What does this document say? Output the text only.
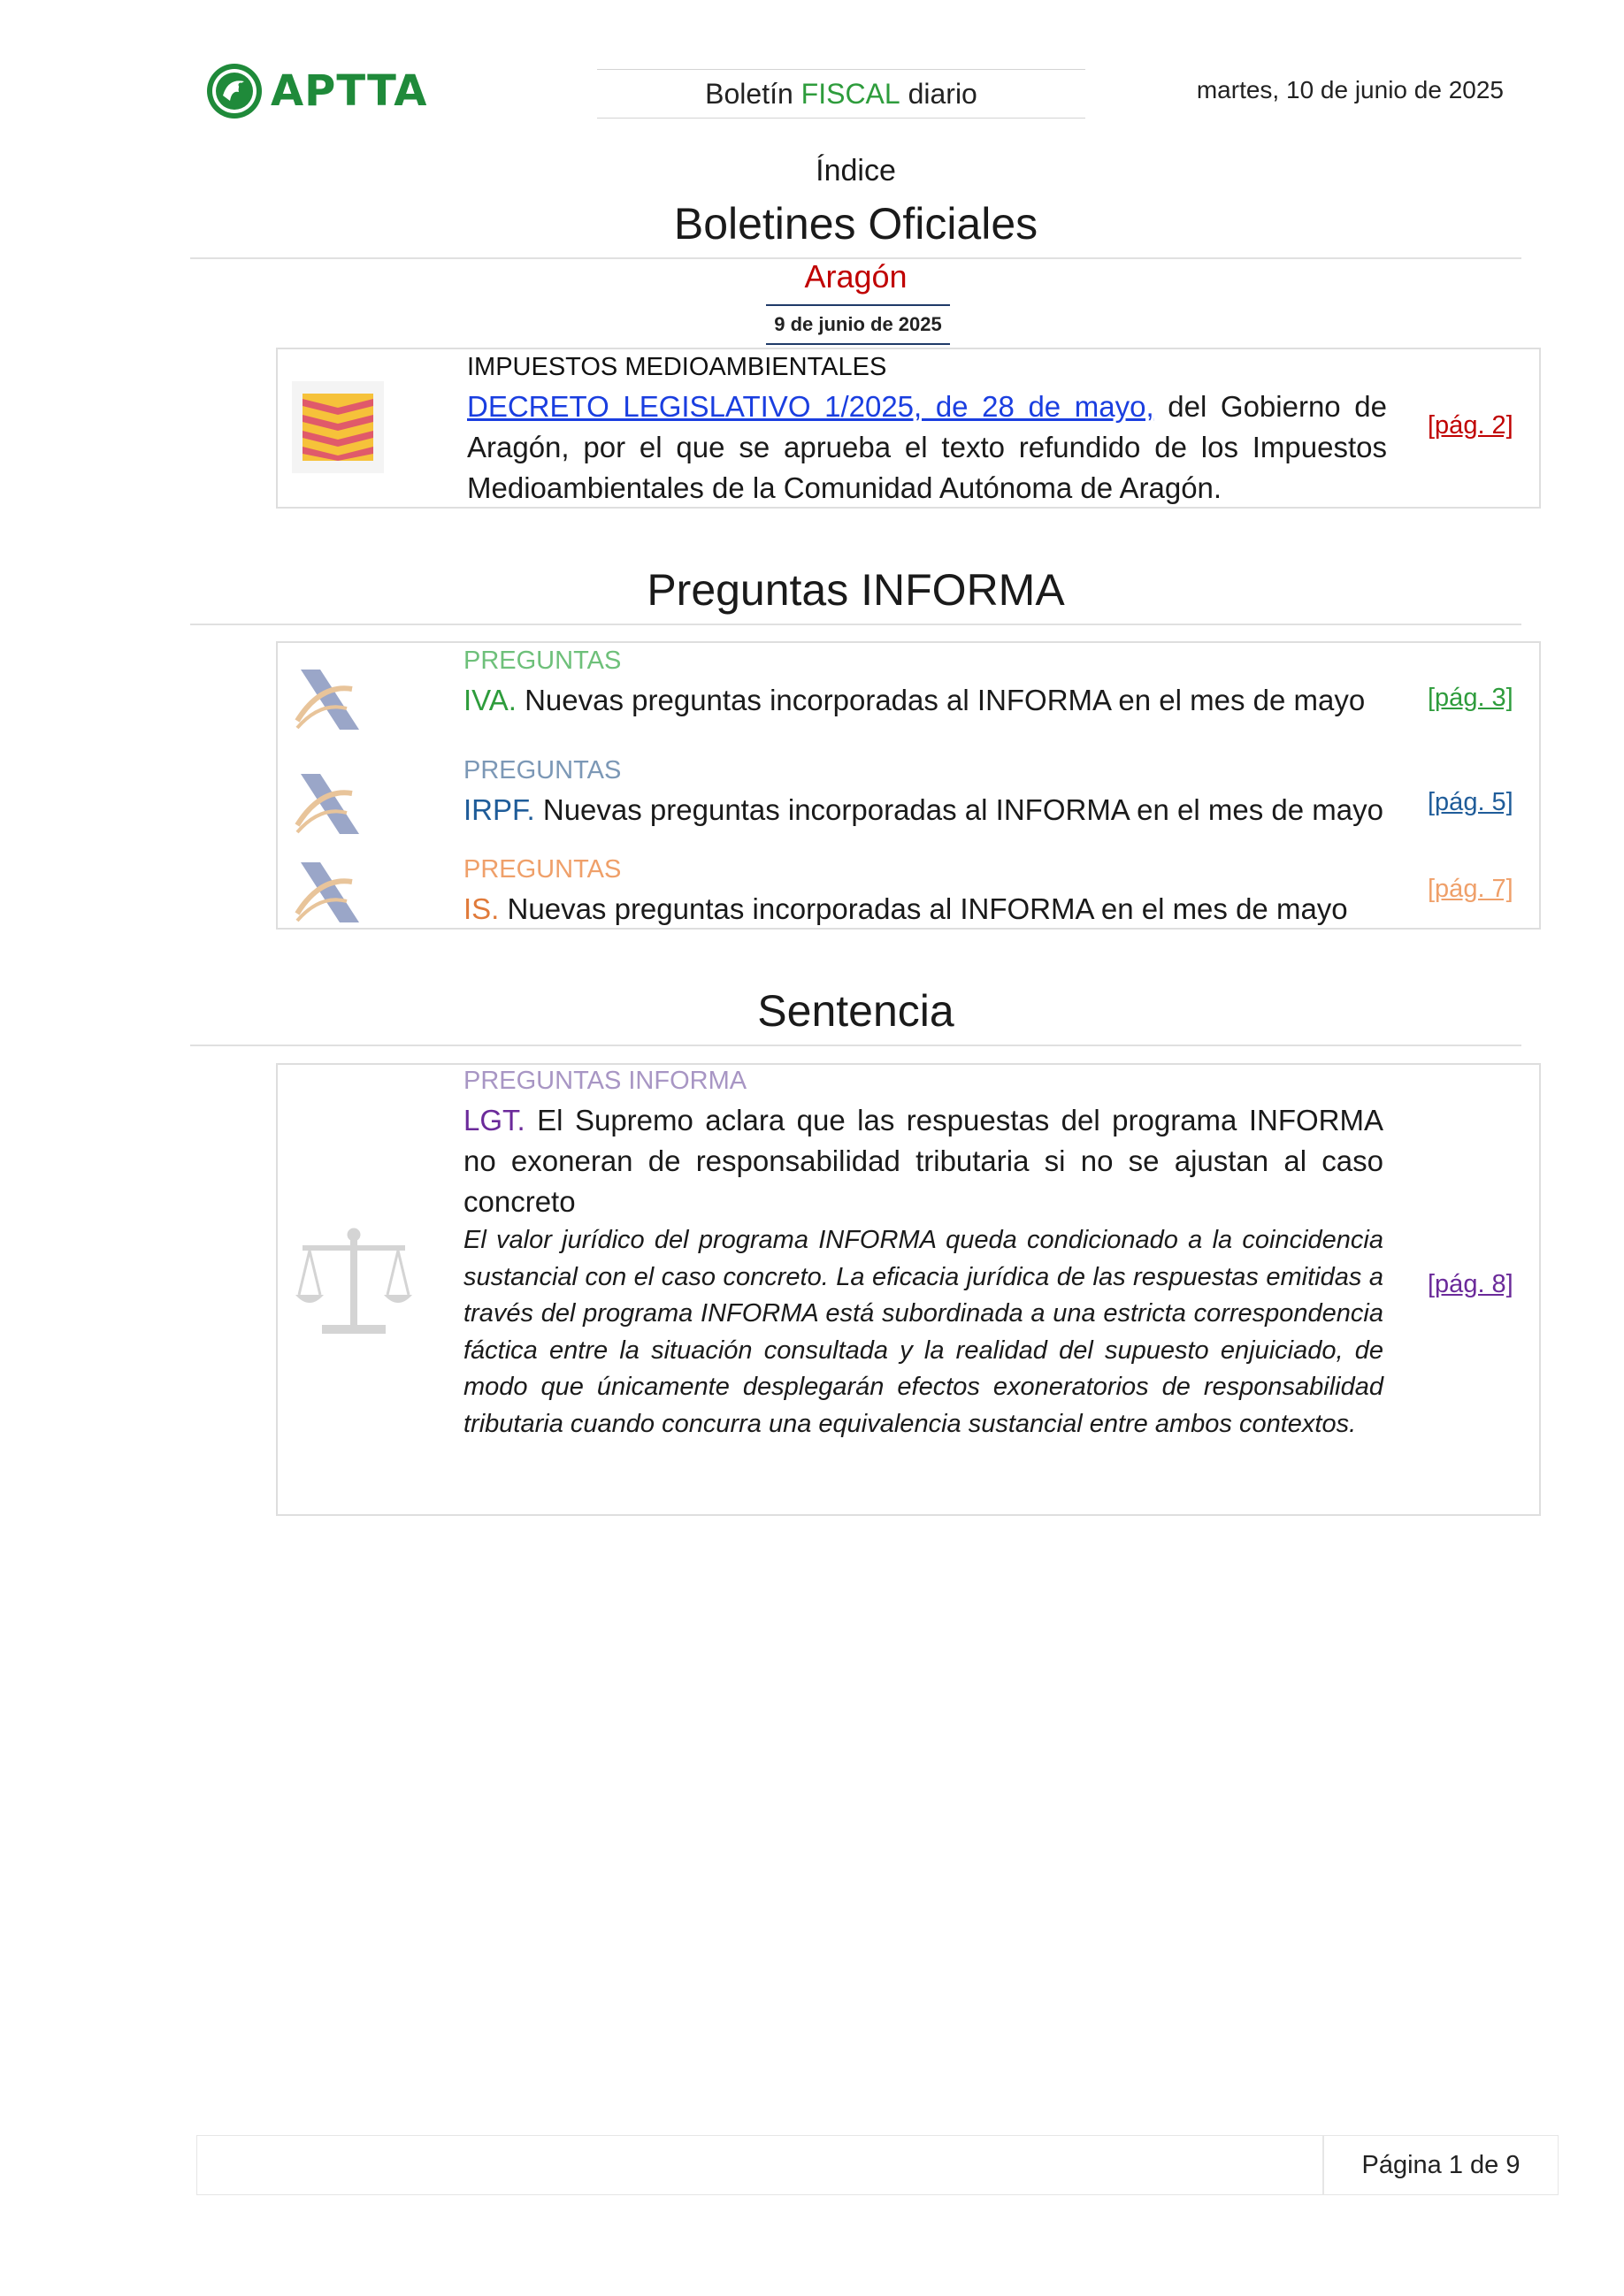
APTTA	Boletín FISCAL diario	martes, 10 de junio de 2025
Índice
Boletines Oficiales
Aragón
9 de junio de 2025
IMPUESTOS MEDIOAMBIENTALES
DECRETO LEGISLATIVO 1/2025, de 28 de mayo, del Gobierno de Aragón, por el que se aprueba el texto refundido de los Impuestos Medioambientales de la Comunidad Autónoma de Aragón.
[pág. 2]
Preguntas INFORMA
PREGUNTAS
IVA. Nuevas preguntas incorporadas al INFORMA en el mes de mayo	[pág. 3]
PREGUNTAS
IRPF. Nuevas preguntas incorporadas al INFORMA en el mes de mayo [pág. 5]
PREGUNTAS
IS. Nuevas preguntas incorporadas al INFORMA en el mes de mayo
[pág. 7]
Sentencia
PREGUNTAS INFORMA
LGT. El Supremo aclara que las respuestas del programa INFORMA no exoneran de responsabilidad tributaria si no se ajustan al caso concreto
El valor jurídico del programa INFORMA queda condicionado a la coincidencia sustancial con el caso concreto. La eficacia jurídica de las respuestas emitidas a través del programa INFORMA está subordinada a una estricta correspondencia fáctica entre la situación consultada y la realidad del supuesto enjuiciado, de modo que únicamente desplegarán efectos exoneratorios de responsabilidad tributaria cuando concurra una equivalencia sustancial entre ambos contextos.
[pág. 8]
Página 1 de 9
